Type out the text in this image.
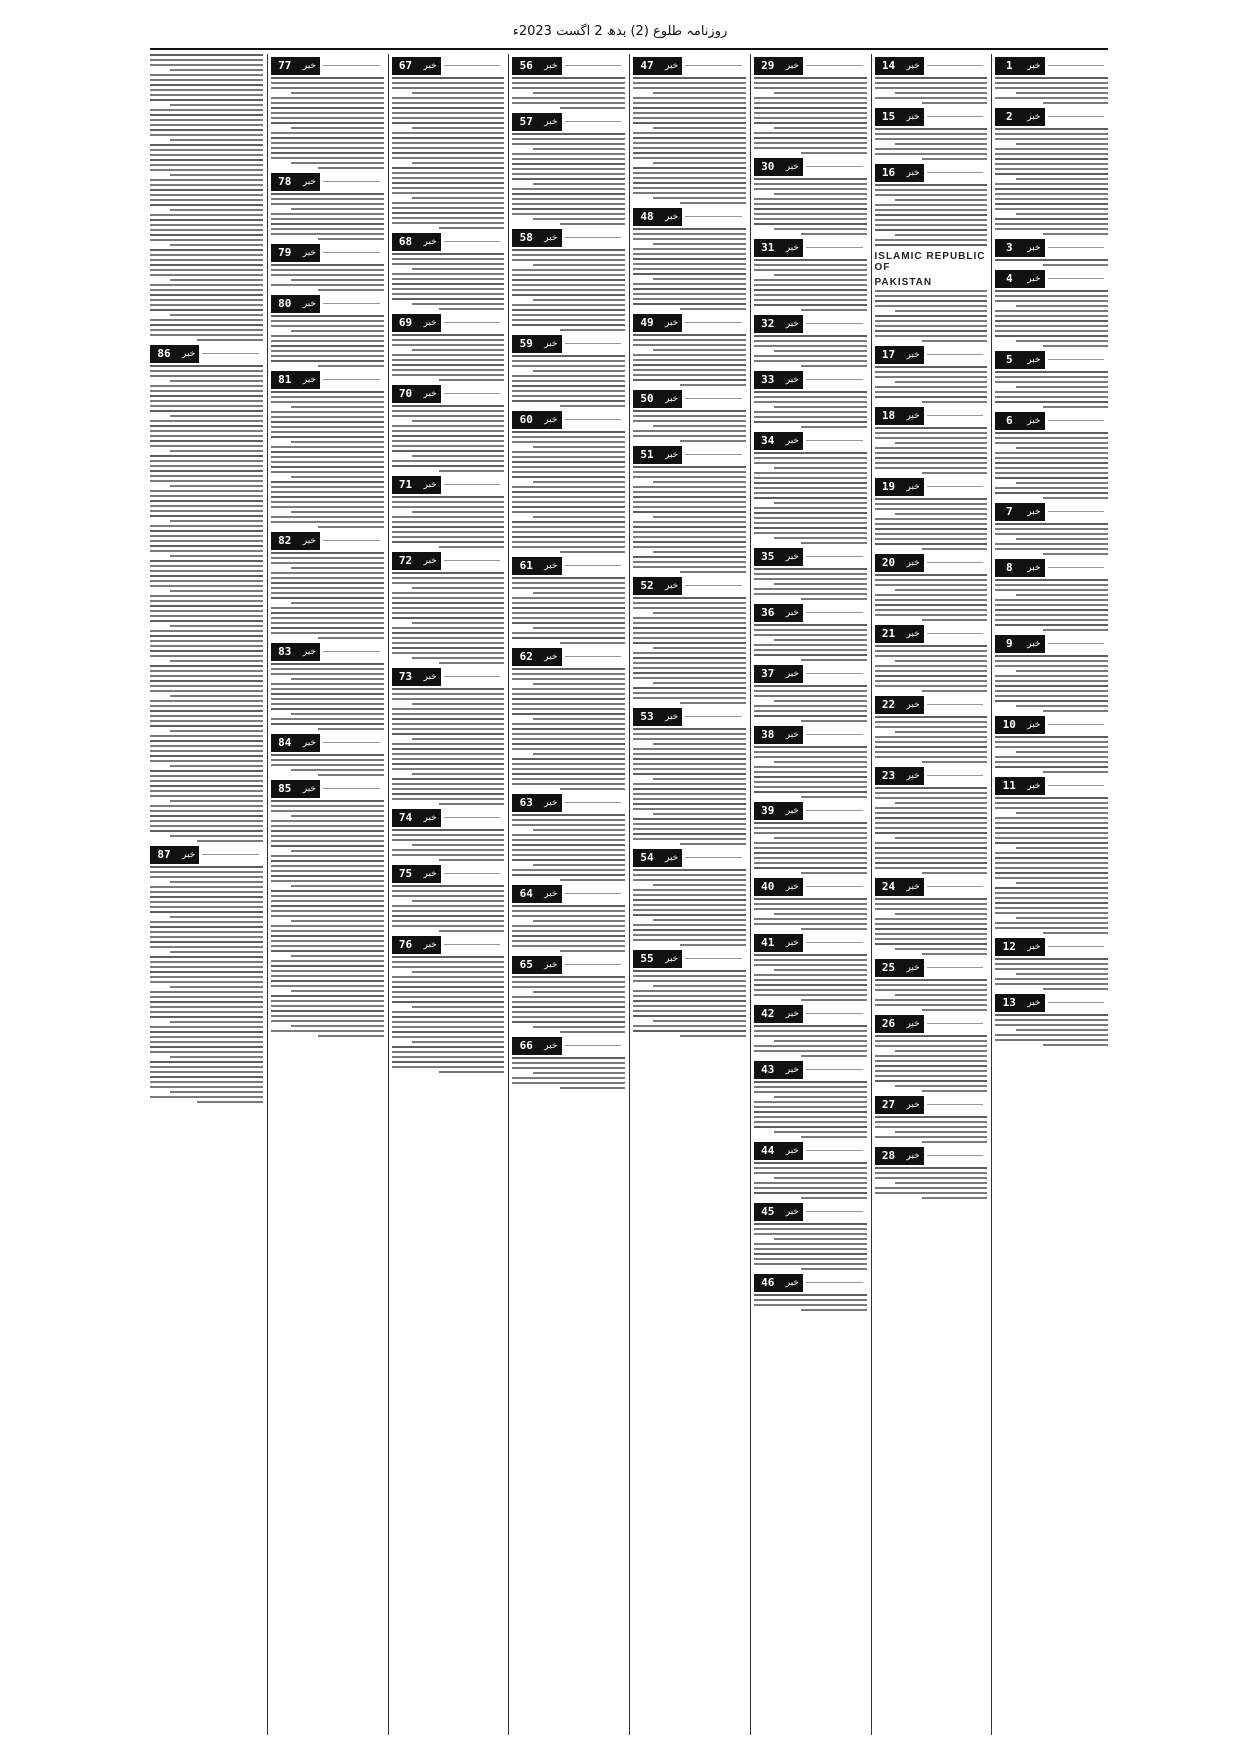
روزنامہ طلوع (2) بدھ 2 اگست 2023ء
1	خبر
2	خبر
3	خبر
4	خبر
5	خبر
6	خبر
7	خبر
8	خبر
9	خبر
10	خبر
11	خبر
12	خبر
13	خبر
14	خبر
15	خبر
16	خبر
ISLAMIC REPUBLIC OF
PAKISTAN
17	خبر
18	خبر
19	خبر
20	خبر
21	خبر
22	خبر
23	خبر
24	خبر
25	خبر
26	خبر
27	خبر
28	خبر
29	خبر
30	خبر
31	خبر
32	خبر
33	خبر
34	خبر
35	خبر
36	خبر
37	خبر
38	خبر
39	خبر
40	خبر
41	خبر
42	خبر
43	خبر
44	خبر
45	خبر
46	خبر
47	خبر
48	خبر
49	خبر
50	خبر
51	خبر
52	خبر
53	خبر
54	خبر
55	خبر
56	خبر
57	خبر
58	خبر
59	خبر
60	خبر
61	خبر
62	خبر
63	خبر
64	خبر
65	خبر
66	خبر
67	خبر
68	خبر
69	خبر
70	خبر
71	خبر
72	خبر
73	خبر
74	خبر
75	خبر
76	خبر
77	خبر
78	خبر
79	خبر
80	خبر
81	خبر
82	خبر
83	خبر
84	خبر
85	خبر
86	خبر
87	خبر
